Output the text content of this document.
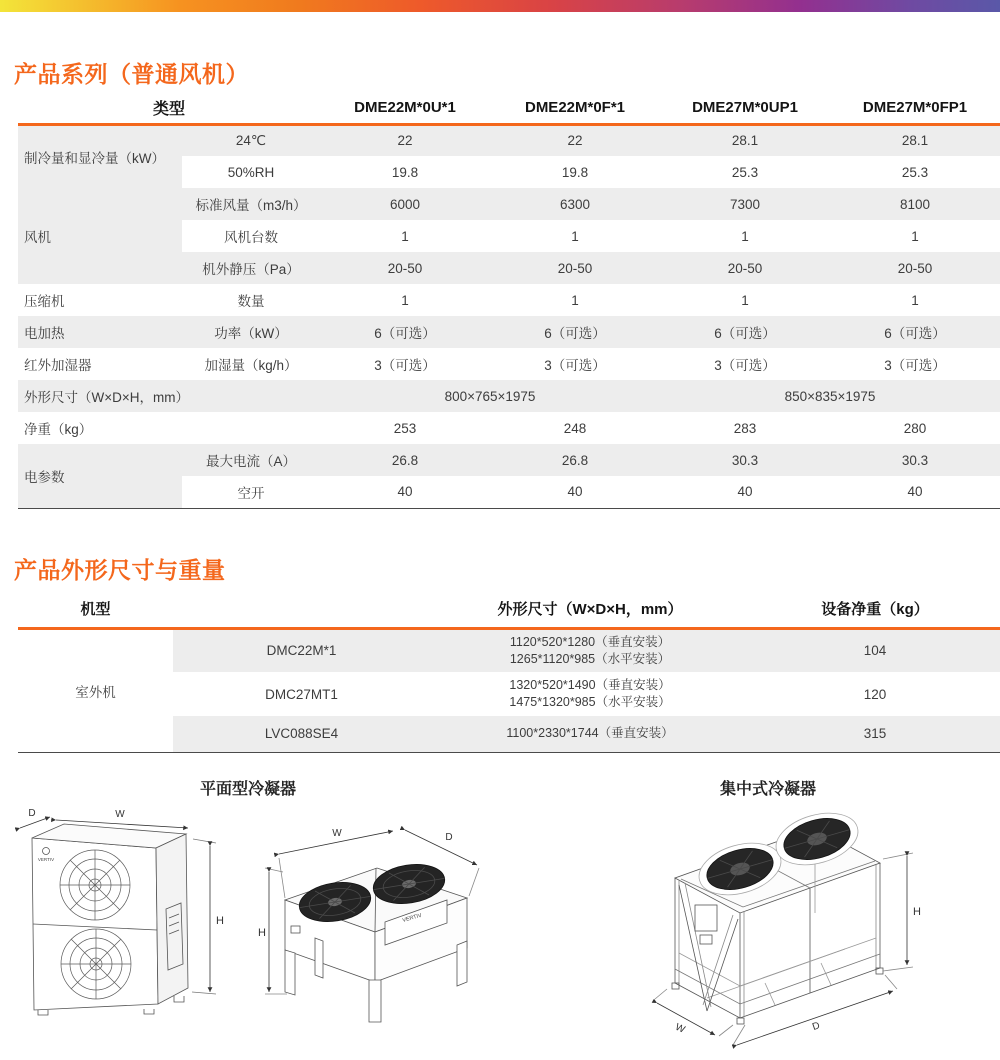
产品系列（普通风机）
类型		DME22M*0U*1	DME22M*0F*1	DME27M*0UP1	DME27M*0FP1
制冷量和显冷量（kW）	24℃	22	22	28.1	28.1
	50%RH	19.8	19.8	25.3	25.3
风机	标准风量（m3/h）	6000	6300	7300	8100
	风机台数	1	1	1	1
	机外静压（Pa）	20-50	20-50	20-50	20-50
压缩机	数量	1	1	1	1
电加热	功率（kW）	6（可选）	6（可选）	6（可选）	6（可选）
红外加湿器	加湿量（kg/h）	3（可选）	3（可选）	3（可选）	3（可选）
外形尺寸（W×D×H，mm）		800×765×1975		850×835×1975	
净重（kg）		253	248	283	280
电参数	最大电流（A）	26.8	26.8	30.3	30.3
	空开	40	40	40	40
产品外形尺寸与重量
机型		外形尺寸（W×D×H，mm）	设备净重（kg）
室外机	DMC22M*1	1120*520*1280（垂直安装）
1265*1120*985（水平安装）	104
	DMC27MT1	1320*520*1490（垂直安装）
1475*1320*985（水平安装）	120
	LVC088SE4	1100*2330*1744（垂直安装）	315
平面型冷凝器	集中式冷凝器
VERTIV
D	W
H	VERTIV
W	D
H
H
W	D
